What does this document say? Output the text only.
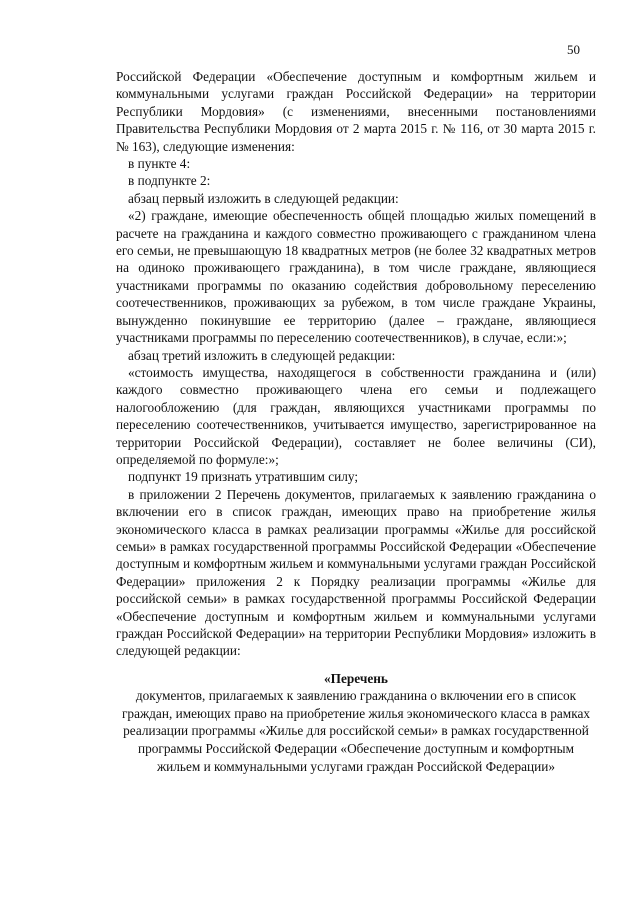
50

Российской Федерации «Обеспечение доступным и комфортным жильем и коммунальными услугами граждан Российской Федерации» на территории Республики Мордовия» (с изменениями, внесенными постановлениями Правительства Республики Мордовия от 2 марта 2015 г. № 116, от 30 марта 2015 г. № 163), следующие изменения:

в пункте 4:

в подпункте 2:

абзац первый изложить в следующей редакции:

«2) граждане, имеющие обеспеченность общей площадью жилых помещений в расчете на гражданина и каждого совместно проживающего с гражданином члена его семьи, не превышающую 18 квадратных метров (не более 32 квадратных метров на одиноко проживающего гражданина), в том числе граждане, являющиеся участниками программы по оказанию содействия добровольному переселению соотечественников, проживающих за рубежом, в том числе граждане Украины, вынужденно покинувшие ее территорию (далее – граждане, являющиеся участниками программы по переселению соотечественников), в случае, если:»;

абзац третий изложить в следующей редакции:

«стоимость имущества, находящегося в собственности гражданина и (или) каждого совместно проживающего члена его семьи и подлежащего налогообложению (для граждан, являющихся участниками программы по переселению соотечественников, учитывается имущество, зарегистрированное на территории Российской Федерации), составляет не более величины (СИ), определяемой по формуле:»;

подпункт 19 признать утратившим силу;

в приложении 2 Перечень документов, прилагаемых к заявлению гражданина о включении его в список граждан, имеющих право на приобретение жилья экономического класса в рамках реализации программы «Жилье для российской семьи» в рамках государственной программы Российской Федерации «Обеспечение доступным и комфортным жильем и коммунальными услугами граждан Российской Федерации» приложения 2 к Порядку реализации программы «Жилье для российской семьи» в рамках государственной программы Российской Федерации «Обеспечение доступным и комфортным жильем и коммунальными услугами граждан Российской Федерации» на территории Республики Мордовия» изложить в следующей редакции:

«Перечень

документов, прилагаемых к заявлению гражданина о включении его в список граждан, имеющих право на приобретение жилья экономического класса в рамках реализации программы «Жилье для российской семьи» в рамках государственной программы Российской Федерации «Обеспечение доступным и комфортным жильем и коммунальными услугами граждан Российской Федерации»
